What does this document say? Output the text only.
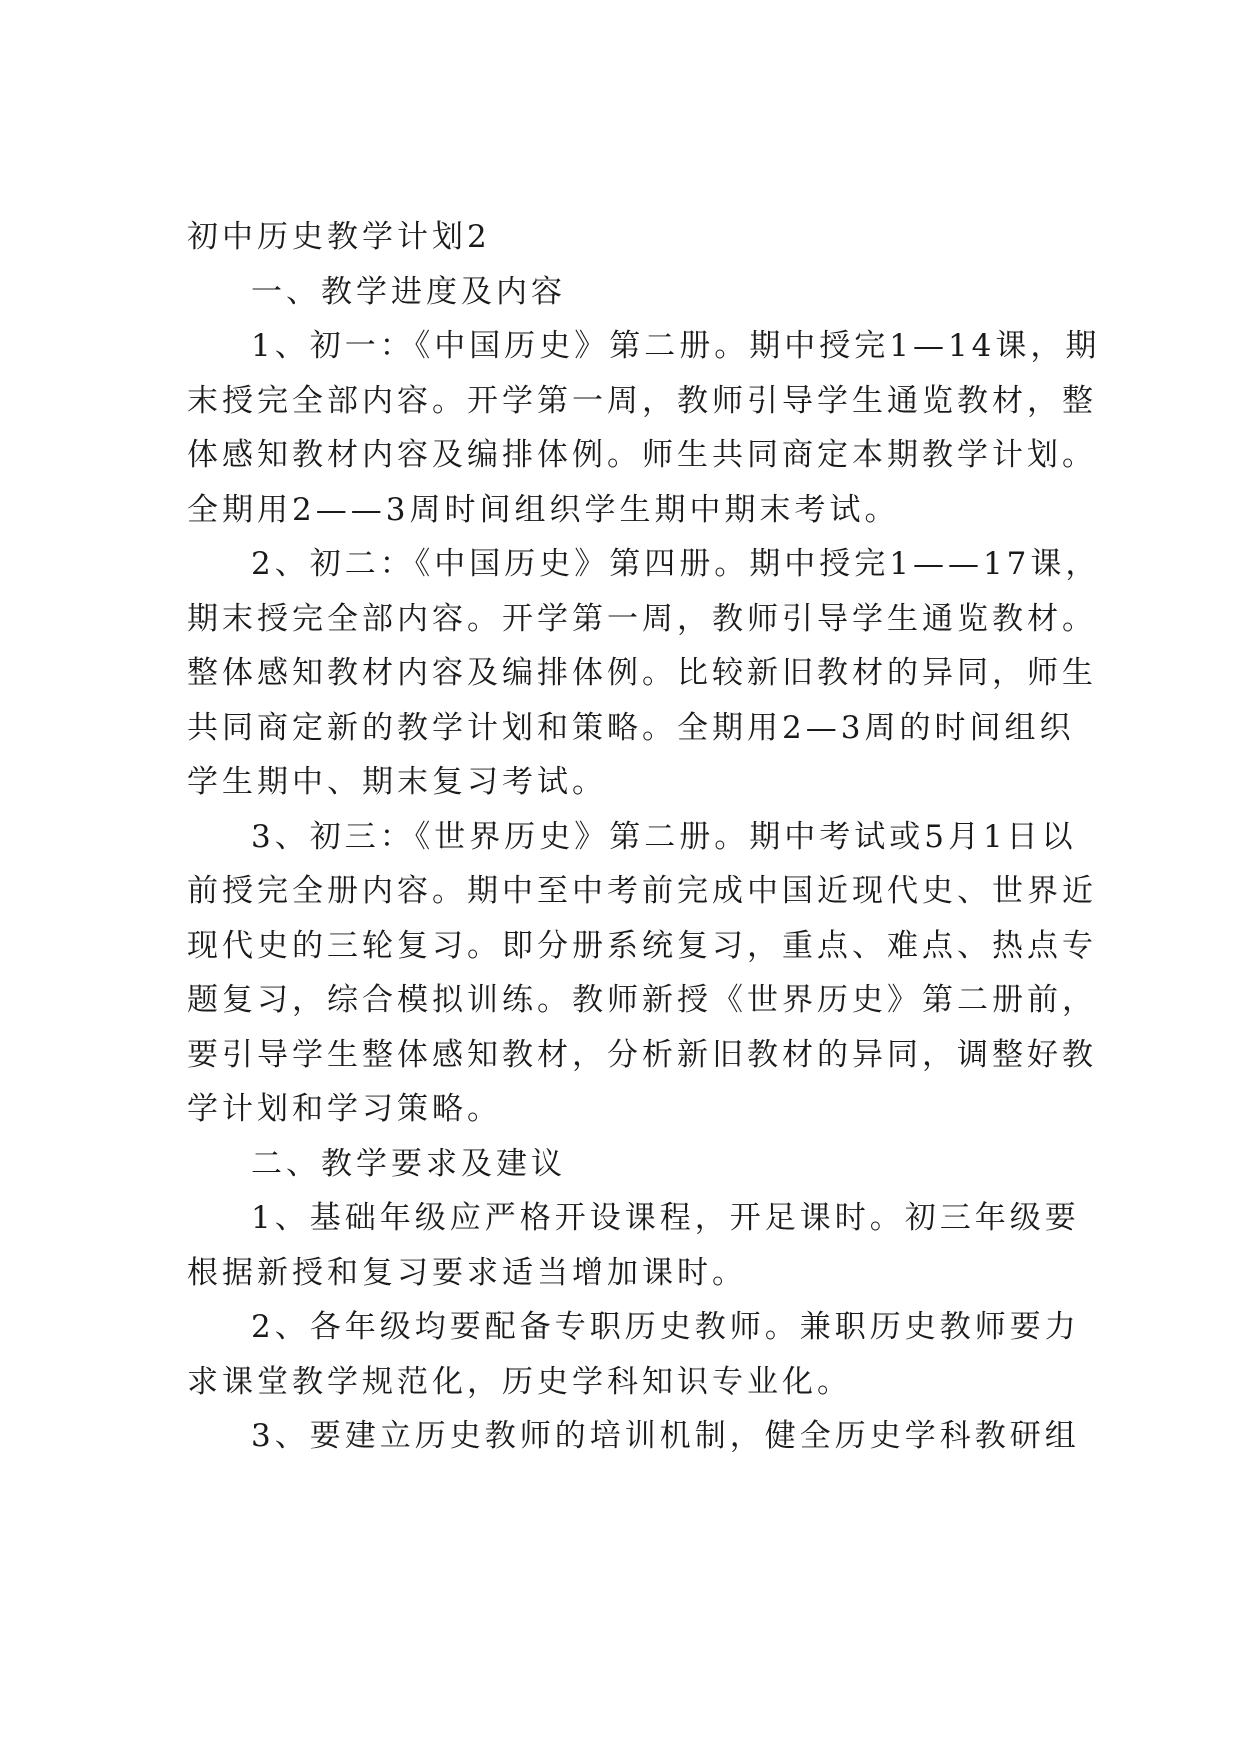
初中历史教学计划2
一、教学进度及内容
1、初一：《中国历史》第二册。期中授完1—14课，期
末授完全部内容。开学第一周，教师引导学生通览教材，整
体感知教材内容及编排体例。师生共同商定本期教学计划。
全期用2——3周时间组织学生期中期末考试。
2、初二：《中国历史》第四册。期中授完1——17课，
期末授完全部内容。开学第一周，教师引导学生通览教材。
整体感知教材内容及编排体例。比较新旧教材的异同，师生
共同商定新的教学计划和策略。全期用2—3周的时间组织
学生期中、期末复习考试。
3、初三：《世界历史》第二册。期中考试或5月1日以
前授完全册内容。期中至中考前完成中国近现代史、世界近
现代史的三轮复习。即分册系统复习，重点、难点、热点专
题复习，综合模拟训练。教师新授《世界历史》第二册前，
要引导学生整体感知教材，分析新旧教材的异同，调整好教
学计划和学习策略。
二、教学要求及建议
1、基础年级应严格开设课程，开足课时。初三年级要
根据新授和复习要求适当增加课时。
2、各年级均要配备专职历史教师。兼职历史教师要力
求课堂教学规范化，历史学科知识专业化。
3、要建立历史教师的培训机制，健全历史学科教研组
